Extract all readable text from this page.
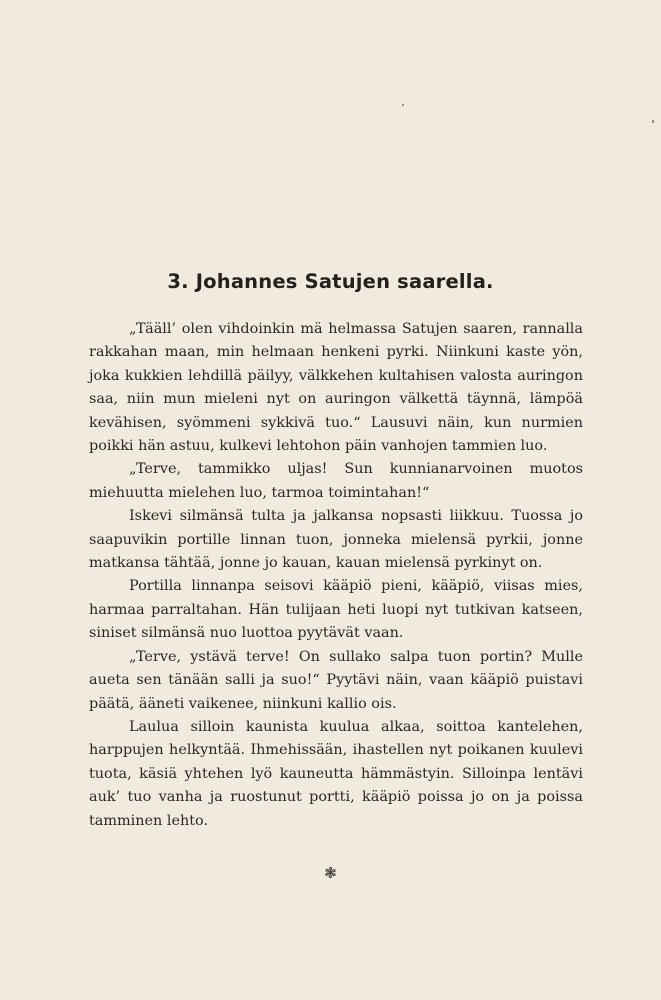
3. Johannes Satujen saarella.

„Tääll’ olen vihdoinkin mä helmassa Satujen saaren, rannalla rakkahan maan, min helmaan henkeni pyrki. Niinkuni kaste yön, joka kukkien lehdillä päilyy, välkkehen kultahisen valosta auringon saa, niin mun mieleni nyt on auringon välkettä täynnä, lämpöä kevähisen, syömmeni sykkivä tuo.“ Lausuvi näin, kun nurmien poikki hän astuu, kulkevi lehtohon päin vanhojen tammien luo.

„Terve, tammikko uljas! Sun kunnianarvoinen muotos miehuutta mielehen luo, tarmoa toimintahan!“

Iskevi silmänsä tulta ja jalkansa nopsasti liikkuu. Tuossa jo saapuvikin portille linnan tuon, jonneka mielensä pyrkii, jonne matkansa tähtää, jonne jo kauan, kauan mielensä pyrkinyt on.

Portilla linnanpa seisovi kääpiö pieni, kääpiö, viisas mies, harmaa parraltahan. Hän tulijaan heti luopi nyt tutkivan katseen, siniset silmänsä nuo luottoa pyytävät vaan.

„Terve, ystävä terve! On sullako salpa tuon portin? Mulle aueta sen tänään salli ja suo!“ Pyytävi näin, vaan kääpiö puistavi päätä, ääneti vaikenee, niinkuni kallio ois.

Laulua silloin kaunista kuulua alkaa, soittoa kantelehen, harppujen helkyntää. Ihmehissään, ihastellen nyt poikanen kuulevi tuota, käsiä yhtehen lyö kauneutta hämmästyin. Silloinpa lentävi auk’ tuo vanha ja ruostunut portti, kääpiö poissa jo on ja poissa tamminen lehto.

❃
